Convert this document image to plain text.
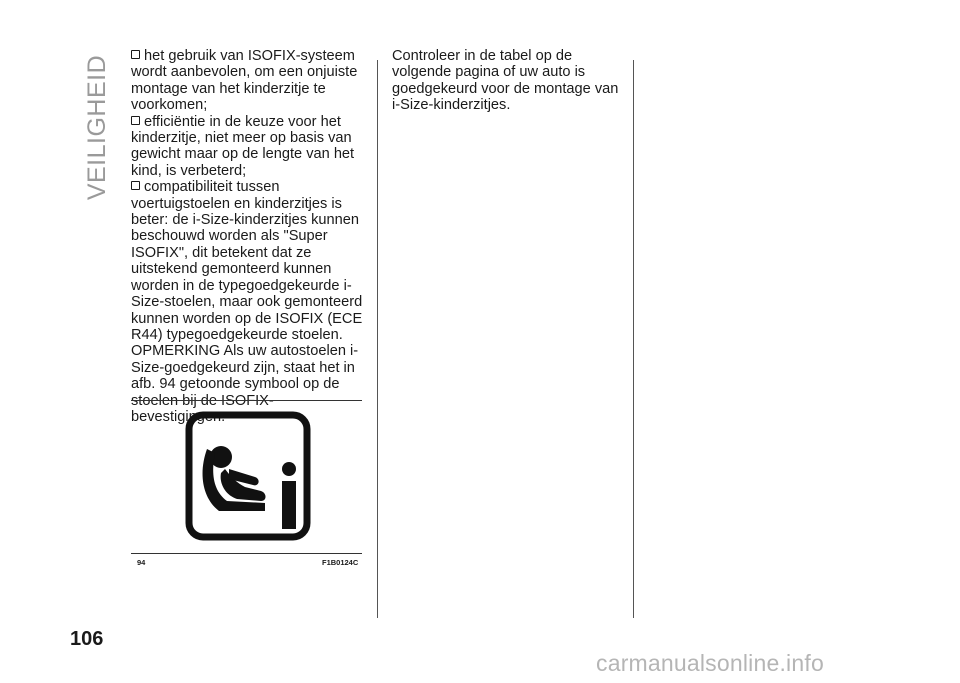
VEILIGHEID	het gebruik van ISOFIX-systeem wordt aanbevolen, om een onjuiste montage van het kinderzitje te voorkomen;

efficiëntie in de keuze voor het kinderzitje, niet meer op basis van gewicht maar op de lengte van het kind, is verbeterd;

compatibiliteit tussen voertuigstoelen en kinderzitjes is beter: de i-Size-kinderzitjes kunnen beschouwd worden als "Super ISOFIX", dit betekent dat ze uitstekend gemonteerd kunnen worden in de typegoedgekeurde i-Size-stoelen, maar ook gemonteerd kunnen worden op de ISOFIX (ECE R44) typegoedgekeurde stoelen.

OPMERKING Als uw autostoelen i-Size-goedgekeurd zijn, staat het in afb. 94 getoonde symbool op de stoelen bij de ISOFIX-bevestigingen.

94	F1B0124C

Controleer in de tabel op de volgende pagina of uw auto is goedgekeurd voor de montage van i-Size-kinderzitjes.

106
carmanualsonline.info
